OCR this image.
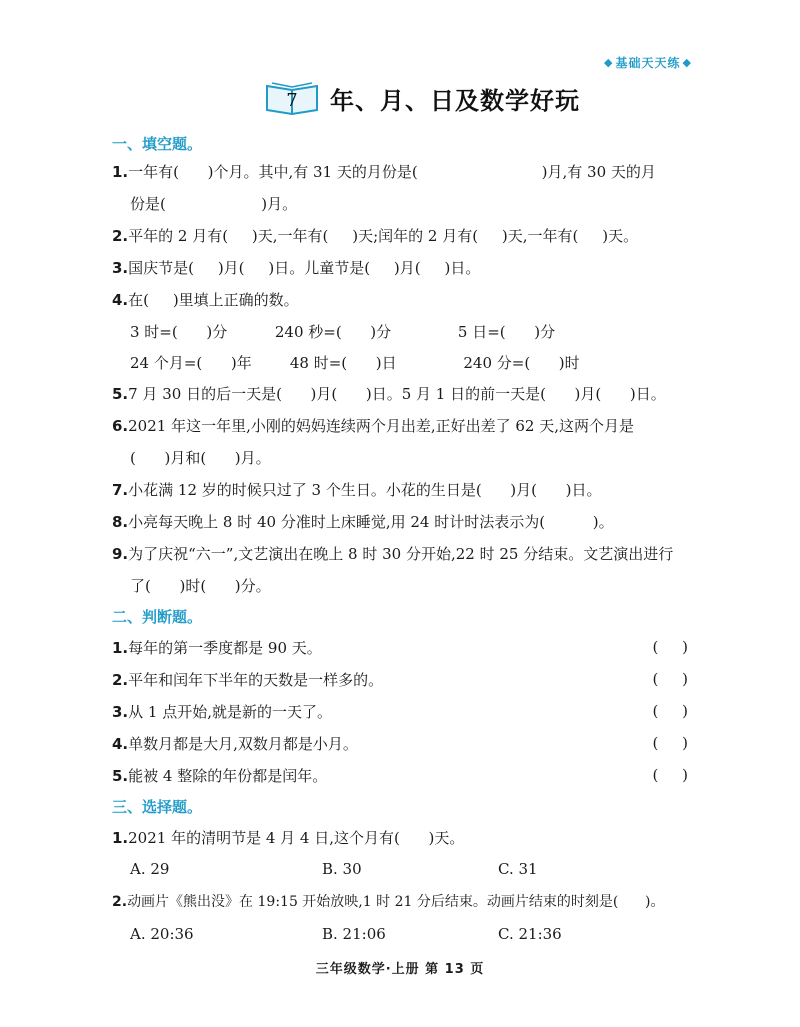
◆ 基础天天练 ◆
7 年、月、日及数学好玩
一、填空题。
1.一年有(      )个月。其中,有 31 天的月份是(                          )月,有 30 天的月
份是(                    )月。
2.平年的 2 月有(     )天,一年有(     )天;闰年的 2 月有(     )天,一年有(     )天。
3.国庆节是(     )月(     )日。儿童节是(     )月(     )日。
4.在(     )里填上正确的数。
3 时=(      )分          240 秒=(      )分              5 日=(      )分
24 个月=(      )年        48 时=(      )日              240 分=(      )时
5.7 月 30 日的后一天是(      )月(      )日。5 月 1 日的前一天是(      )月(      )日。
6.2021 年这一年里,小刚的妈妈连续两个月出差,正好出差了 62 天,这两个月是
(      )月和(      )月。
7.小花满 12 岁的时候只过了 3 个生日。小花的生日是(      )月(      )日。
8.小亮每天晚上 8 时 40 分准时上床睡觉,用 24 时计时法表示为(          )。
9.为了庆祝“六一”,文艺演出在晚上 8 时 30 分开始,22 时 25 分结束。文艺演出进行
了(      )时(      )分。
二、判断题。
1.每年的第一季度都是 90 天。	(     )
2.平年和闰年下半年的天数是一样多的。	(     )
3.从 1 点开始,就是新的一天了。	(     )
4.单数月都是大月,双数月都是小月。	(     )
5.能被 4 整除的年份都是闰年。	(     )
三、选择题。
1.2021 年的清明节是 4 月 4 日,这个月有(      )天。
A. 29	B. 30	C. 31
2.动画片《熊出没》在 19:15 开始放映,1 时 21 分后结束。动画片结束的时刻是(      )。
A. 20:36	B. 21:06	C. 21:36
三年级数学·上册 第 13 页
